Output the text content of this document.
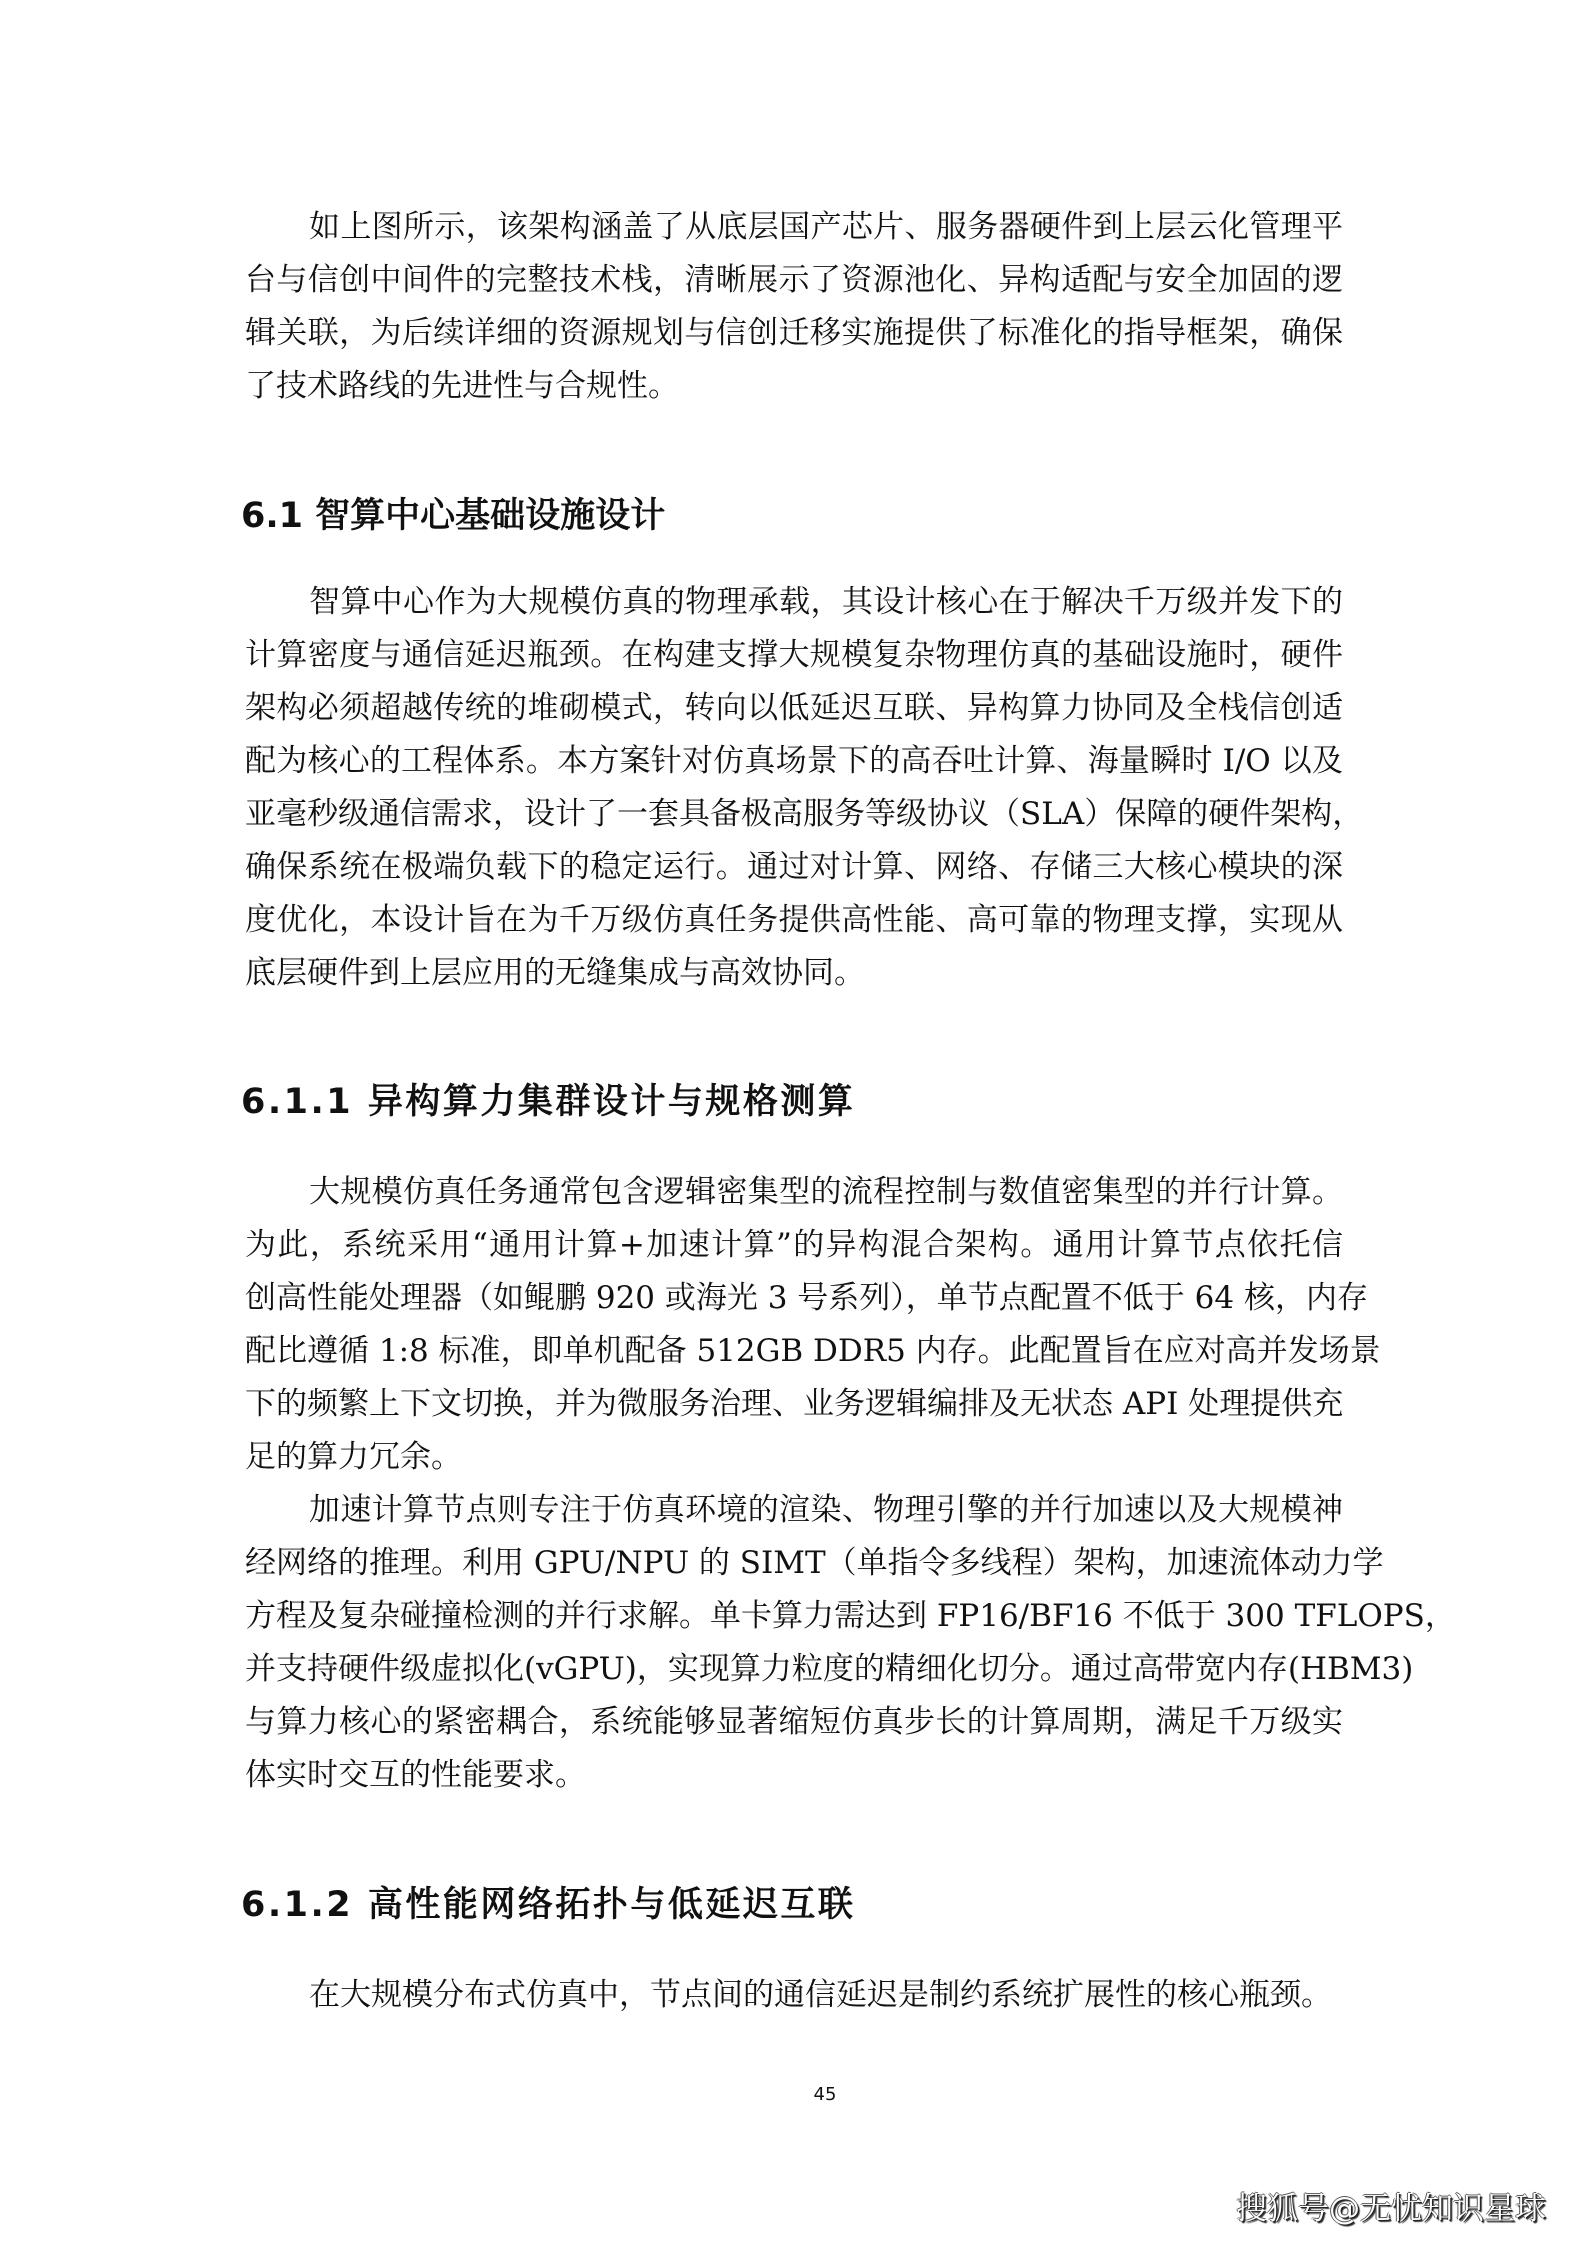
如上图所示，该架构涵盖了从底层国产芯片、服务器硬件到上层云化管理平
台与信创中间件的完整技术栈，清晰展示了资源池化、异构适配与安全加固的逻
辑关联，为后续详细的资源规划与信创迁移实施提供了标准化的指导框架，确保
了技术路线的先进性与合规性。
6.1 智算中心基础设施设计
智算中心作为大规模仿真的物理承载，其设计核心在于解决千万级并发下的
计算密度与通信延迟瓶颈。在构建支撑大规模复杂物理仿真的基础设施时，硬件
架构必须超越传统的堆砌模式，转向以低延迟互联、异构算力协同及全栈信创适
配为核心的工程体系。本方案针对仿真场景下的高吞吐计算、海量瞬时 I/O 以及
亚毫秒级通信需求，设计了一套具备极高服务等级协议（SLA）保障的硬件架构，
确保系统在极端负载下的稳定运行。通过对计算、网络、存储三大核心模块的深
度优化，本设计旨在为千万级仿真任务提供高性能、高可靠的物理支撑，实现从
底层硬件到上层应用的无缝集成与高效协同。
6.1.1 异构算力集群设计与规格测算
大规模仿真任务通常包含逻辑密集型的流程控制与数值密集型的并行计算。
为此，系统采用“通用计算+加速计算”的异构混合架构。通用计算节点依托信
创高性能处理器（如鲲鹏 920 或海光 3 号系列），单节点配置不低于 64 核，内存
配比遵循 1:8 标准，即单机配备 512GB DDR5 内存。此配置旨在应对高并发场景
下的频繁上下文切换，并为微服务治理、业务逻辑编排及无状态 API 处理提供充
足的算力冗余。
加速计算节点则专注于仿真环境的渲染、物理引擎的并行加速以及大规模神
经网络的推理。利用 GPU/NPU 的 SIMT（单指令多线程）架构，加速流体动力学
方程及复杂碰撞检测的并行求解。单卡算力需达到 FP16/BF16 不低于 300 TFLOPS，
并支持硬件级虚拟化(vGPU)，实现算力粒度的精细化切分。通过高带宽内存(HBM3)
与算力核心的紧密耦合，系统能够显著缩短仿真步长的计算周期，满足千万级实
体实时交互的性能要求。
6.1.2 高性能网络拓扑与低延迟互联
在大规模分布式仿真中，节点间的通信延迟是制约系统扩展性的核心瓶颈。
45
搜狐号@无忧知识星球
